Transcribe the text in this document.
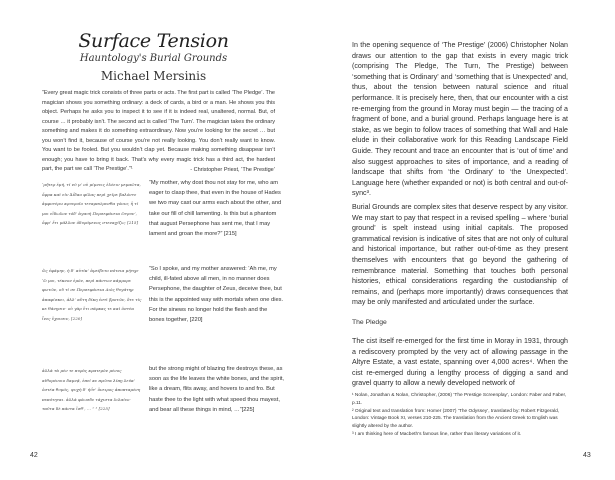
Surface Tension
Hauntology's Burial Grounds
Michael Mersinis
“Every great magic trick consists of three parts or acts. The first part is called ‘The Pledge’. The magician shows you something ordinary: a deck of cards, a bird or a man. He shows you this object. Perhaps he asks you to inspect it to see if it is indeed real, unaltered, normal. But, of course … it probably isn’t. The second act is called ‘The Turn’. The magician takes the ordinary something and makes it do something extraordinary. Now you’re looking for the secret … but you won’t find it, because of course you’re not really looking. You don’t really want to know. You want to be fooled. But you wouldn’t clap yet. Because making something disappear isn’t enough; you have to bring it back. That’s why every magic trick has a third act, the hardest part, the part we call ‘The Prestige’.”¹	- Christopher Priest, ‘The Prestige’
‘μῆτερ ἐμή, τί νύ μ’ οὐ μίμνεις ἑλέειν μεμαῶτα, ὄφρα καὶ εἰν Ἀΐδαο φίλας περὶ χεῖρε βαλόντε ἀμφοτέρω κρυεροῖο τεταρπώμεσθα γόοιο; ἦ τί μοι εἴδωλον τόδ’ ἀγαυὴ Περσεφόνεια ὤτρυν’, ὄφρ’ ἔτι μᾶλλον ὀδυρόμενος στεναχίζω; [215]
“My mother, why dost thou not stay for me, who am eager to clasp thee, that even in the house of Hades we two may cast our arms each about the other, and take our fill of chill lamenting. Is this but a phantom that august Persephone has sent me, that I may lament and groan the more?” [215]
ὣς ἐφάμην, ἡ δ’ αὐτίκ’ ἀμείβετο πότνια μήτηρ· ‘ὤ μοι, τέκνον ἐμόν, περὶ πάντων κάμμορε φωτῶν, οὔ τί σε Περσεφόνεια Διὸς θυγάτηρ ἀπαφίσκει, ἀλλ’ αὕτη δίκη ἐστὶ βροτῶν, ὅτε τίς κε θάνῃσιν· οὐ γὰρ ἔτι σάρκας τε καὶ ὀστέα ἶνες ἔχουσιν, [220]
“So I spoke, and my mother answered: ‘Ah me, my child, ill-fated above all men, in no manner does Persephone, the daughter of Zeus, deceive thee, but this is the appointed way with mortals when one dies. For the sinews no longer hold the flesh and the bones together, [220]
ἀλλὰ τὰ μέν τε πυρὸς κρατερὸν μένος αἰθομένοιο δαμνᾷ, ἐπεί κε πρῶτα λίπῃ λεύκ’ ὀστέα θυμός, ψυχὴ δ’ ἠΰτ’ ὄνειρος ἀποπταμένη πεπότηται. ἀλλὰ φόωσδε τάχιστα λιλαίεο· ταῦτα δὲ πάντα ἴσθ’, … ” ² [225]
but the strong might of blazing fire destroys these, as soon as the life leaves the white bones, and the spirit, like a dream, flits away, and hovers to and fro. But haste thee to the light with what speed thou mayest, and bear all these things in mind, …”[225]
42

In the opening sequence of ‘The Prestige’ (2006) Christopher Nolan draws our attention to the gap that exists in every magic trick (comprising The Pledge, The Turn, The Prestige) between ‘something that is Ordinary’ and ‘something that is Unexpected’ and, thus, about the tension between natural science and ritual performance. It is precisely here, then, that our encounter with a cist re-emerging from the ground in Moray must begin — the tracing of a fragment of bone, and a burial ground. Perhaps language here is at stake, as we begin to follow traces of something that Wall and Hale elude in their collaborative work for this Reading Landscape Field Guide. They recount and trace an encounter that is ‘out of time’ and also suggest approaches to sites of importance, and a reading of landscape that shifts from ‘the Ordinary’ to ‘the Unexpected’. Language here (whether expanded or not) is both central and out-of-sync³.

Burial Grounds are complex sites that deserve respect by any visitor. We may start to pay that respect in a revised spelling – where ‘burial ground’ is spelt instead using initial capitals. The proposed grammatical revision is indicative of sites that are not only of cultural and historical importance, but rather out-of-time as they present themselves with encounters that go beyond the gathering of remembrance material. Something that touches both personal histories, ethical considerations regarding the custodianship of remains, and (perhaps more importantly) draws consequences that may be only manifested and articulated under the surface.

The Pledge

The cist itself re-emerged for the first time in Moray in 1931, through a rediscovery prompted by the very act of allowing passage in the Altyre Estate, a vast estate, spanning over 4,000 acres⁴. When the cist re-emerged during a lengthy process of digging a sand and gravel quarry to allow a newly developed network of

¹ Nolan, Jonathan & Nolan, Christopher, (2006) ‘The Prestige Screenplay’, London: Faber and Faber, p.11.

² Original text and translation from: Homer (2007) ‘The Odyssey’, translated by: Robert Fitzgerald, London: Vintage Book XI, verses 210-225. The translation from the Ancient Greek to English was slightly altered by the author.

³ I am thinking here of Macbeth’s famous line, rather than literary variations of it.

43
